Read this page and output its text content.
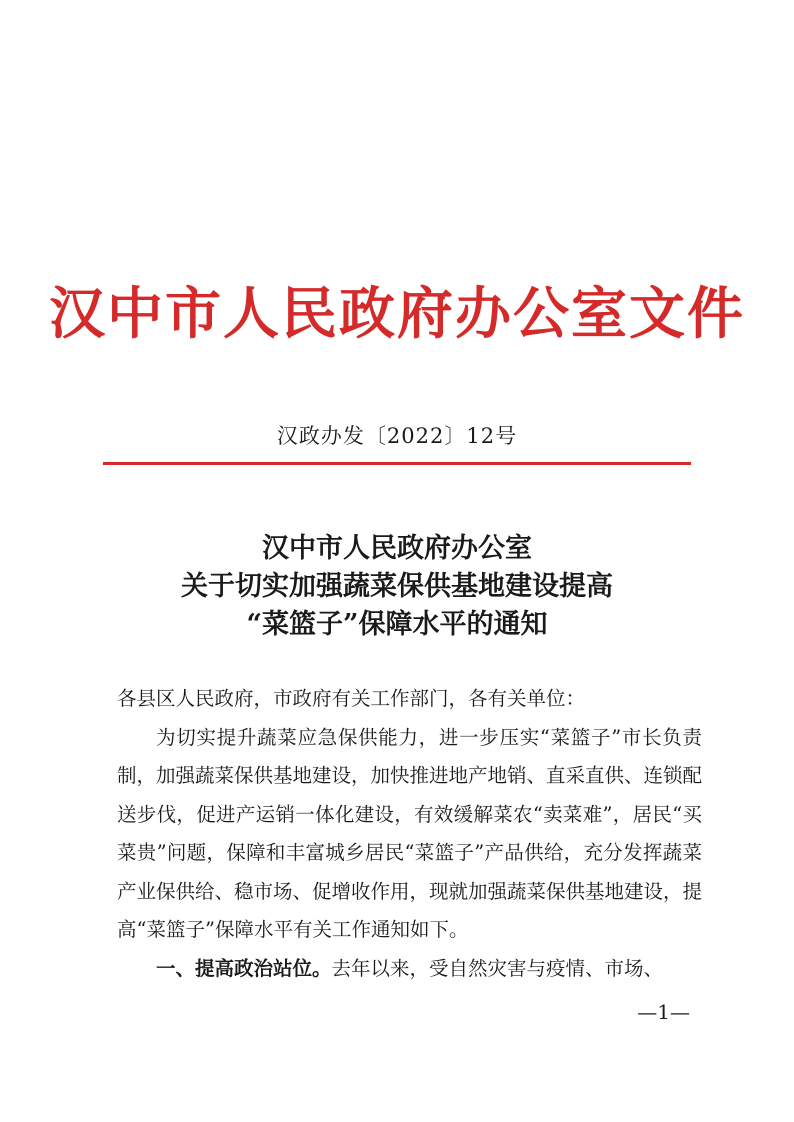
汉中市人民政府办公室文件
汉政办发〔2022〕12号
汉中市人民政府办公室
关于切实加强蔬菜保供基地建设提高
“菜篮子”保障水平的通知

各县区人民政府，市政府有关工作部门，各有关单位：

为切实提升蔬菜应急保供能力，进一步压实“菜篮子”市长负责制，加强蔬菜保供基地建设，加快推进地产地销、直采直供、连锁配送步伐，促进产运销一体化建设，有效缓解菜农“卖菜难”，居民“买菜贵”问题，保障和丰富城乡居民“菜篮子”产品供给，充分发挥蔬菜产业保供给、稳市场、促增收作用，现就加强蔬菜保供基地建设，提高“菜篮子”保障水平有关工作通知如下。

一、提高政治站位。去年以来，受自然灾害与疫情、市场、

—1—
